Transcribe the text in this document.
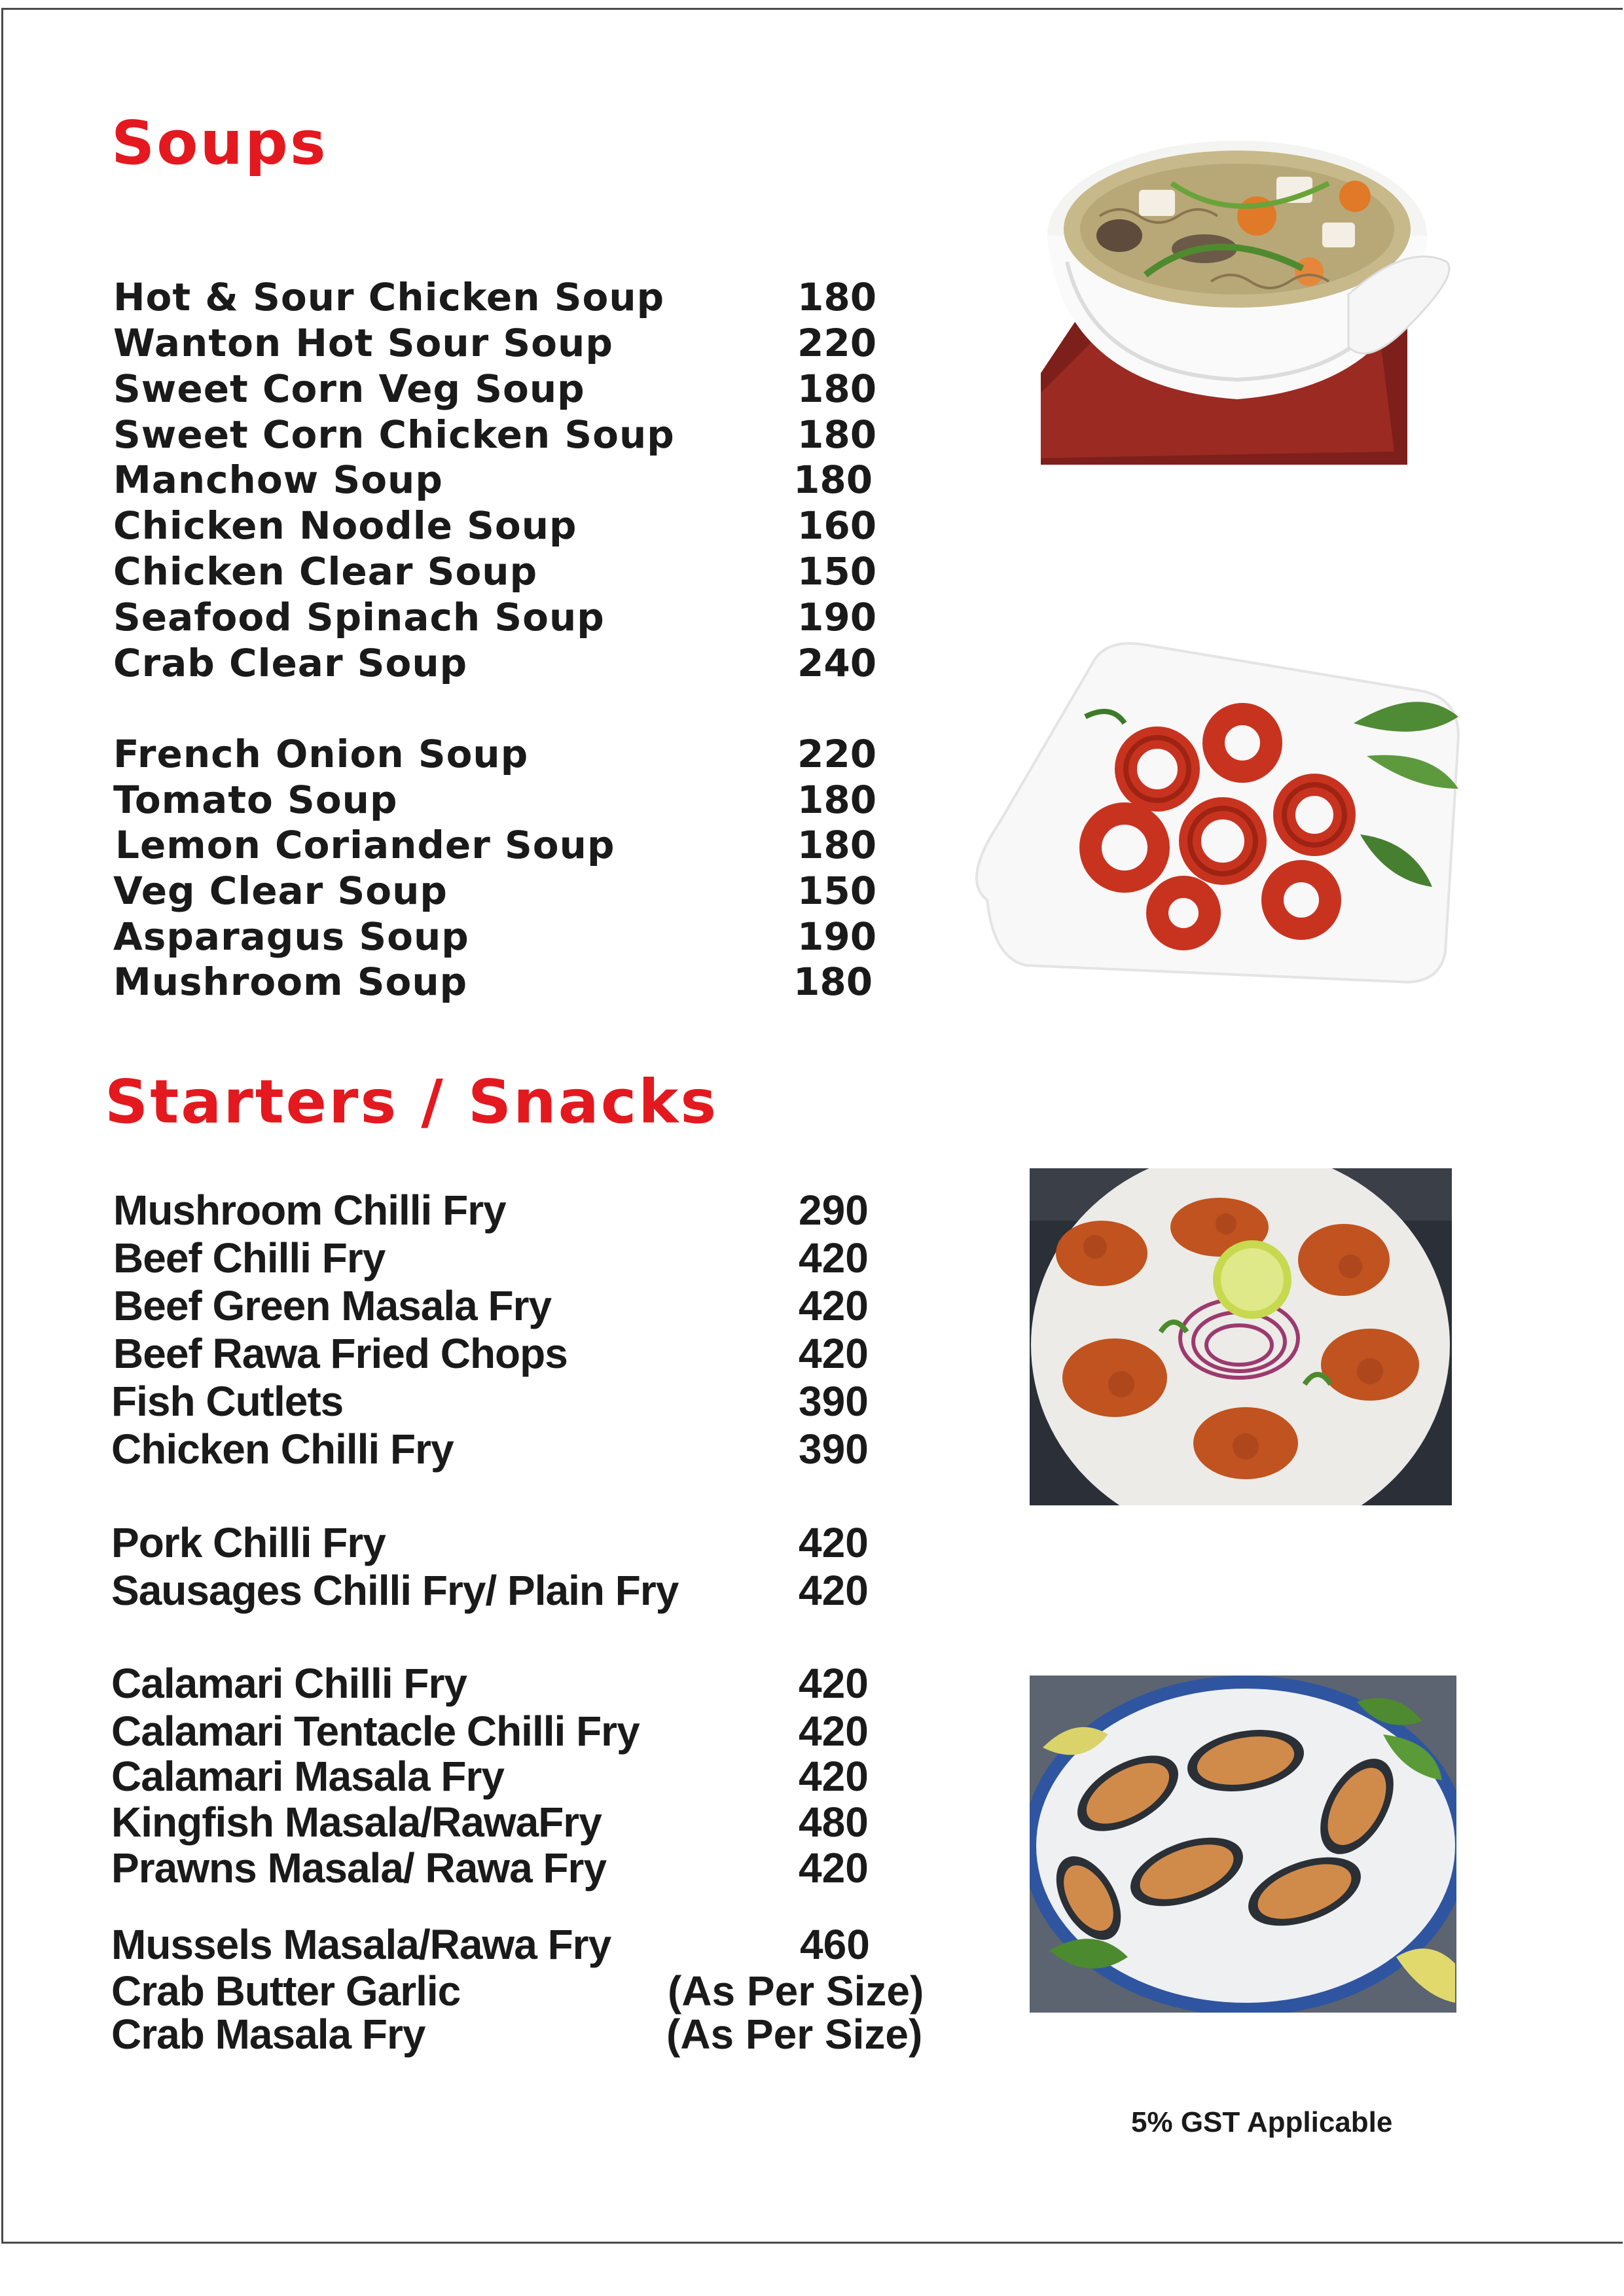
Soups
Hot & Sour Chicken Soup	180
Wanton Hot Sour Soup	220
Sweet Corn Veg Soup	180
Sweet Corn Chicken Soup	180
Manchow Soup	180
Chicken Noodle Soup	160
Chicken Clear Soup	150
Seafood Spinach Soup	190
Crab Clear Soup	240
French Onion Soup	220
Tomato Soup	180
Lemon Coriander Soup	180
Veg Clear Soup	150
Asparagus Soup	190
Mushroom Soup	180
Starters / Snacks
Mushroom Chilli Fry	290
Beef Chilli Fry	420
Beef Green Masala Fry	420
Beef Rawa Fried Chops	420
Fish Cutlets	390
Chicken Chilli Fry	390
Pork Chilli Fry	420
Sausages Chilli Fry/ Plain Fry	420
Calamari Chilli Fry	420
Calamari Tentacle Chilli Fry	420
Calamari Masala Fry	420
Kingfish Masala/RawaFry	480
Prawns Masala/ Rawa Fry	420
Mussels Masala/Rawa Fry	460
Crab Butter Garlic	(As Per Size)
Crab Masala Fry	(As Per Size)
5% GST Applicable
